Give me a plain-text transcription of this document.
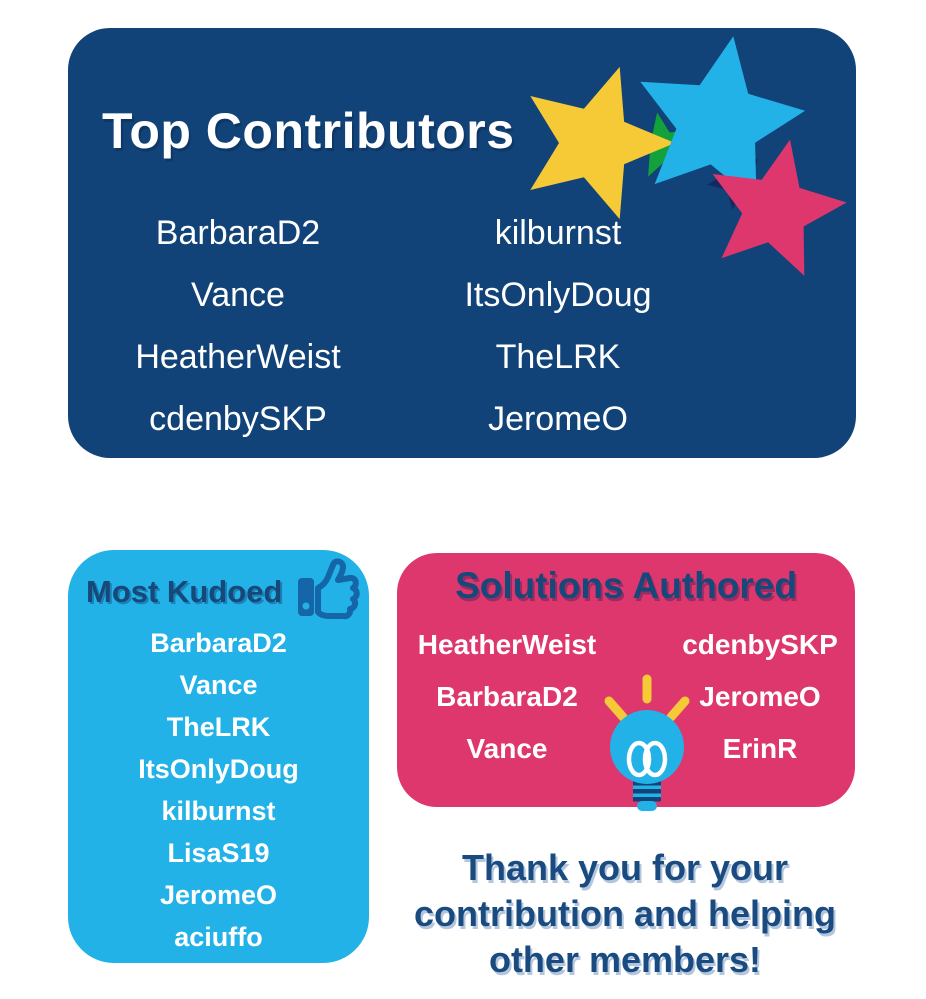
Top Contributors
BarbaraD2
Vance
HeatherWeist
cdenbySKP
kilburnst
ItsOnlyDoug
TheLRK
JeromeO
Most Kudoed
BarbaraD2
Vance
TheLRK
ItsOnlyDoug
kilburnst
LisaS19
JeromeO
aciuffo
Solutions Authored
HeatherWeist
BarbaraD2
Vance
cdenbySKP
JeromeO
ErinR
Thank you for your
contribution and helping
other members!
